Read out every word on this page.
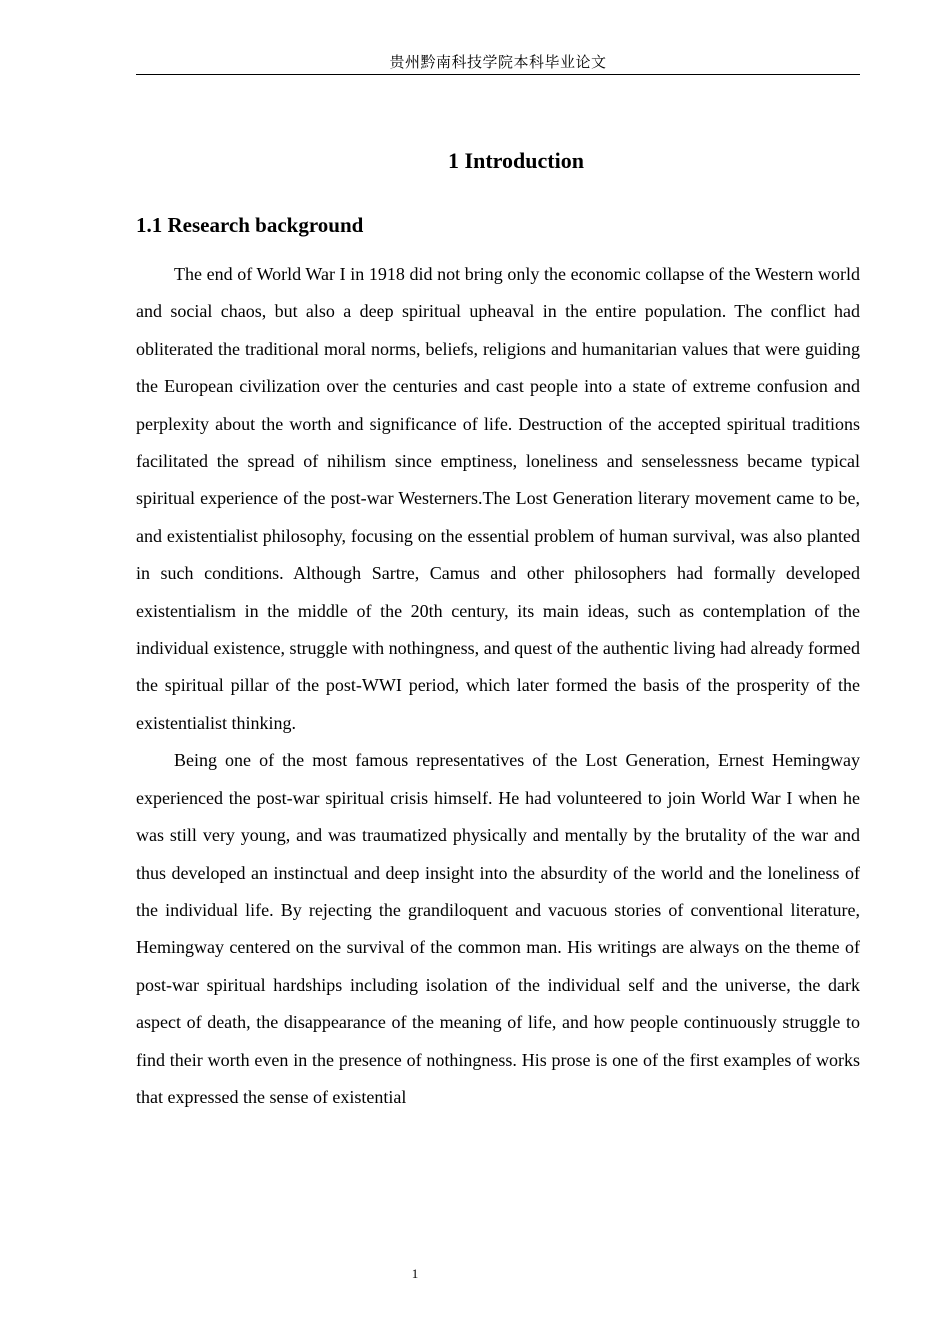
贵州黔南科技学院本科毕业论文
1 Introduction
1.1 Research background

The end of World War I in 1918 did not bring only the economic collapse of the Western world and social chaos, but also a deep spiritual upheaval in the entire population. The conflict had obliterated the traditional moral norms, beliefs, religions and humanitarian values that were guiding the European civilization over the centuries and cast people into a state of extreme confusion and perplexity about the worth and significance of life. Destruction of the accepted spiritual traditions facilitated the spread of nihilism since emptiness, loneliness and senselessness became typical spiritual experience of the post-war Westerners.The Lost Generation literary movement came to be, and existentialist philosophy, focusing on the essential problem of human survival, was also planted in such conditions. Although Sartre, Camus and other philosophers had formally developed existentialism in the middle of the 20th century, its main ideas, such as contemplation of the individual existence, struggle with nothingness, and quest of the authentic living had already formed the spiritual pillar of the post-WWI period, which later formed the basis of the prosperity of the existentialist thinking.

Being one of the most famous representatives of the Lost Generation, Ernest Hemingway experienced the post-war spiritual crisis himself. He had volunteered to join World War I when he was still very young, and was traumatized physically and mentally by the brutality of the war and thus developed an instinctual and deep insight into the absurdity of the world and the loneliness of the individual life. By rejecting the grandiloquent and vacuous stories of conventional literature, Hemingway centered on the survival of the common man. His writings are always on the theme of post-war spiritual hardships including isolation of the individual self and the universe, the dark aspect of death, the disappearance of the meaning of life, and how people continuously struggle to find their worth even in the presence of nothingness. His prose is one of the first examples of works that expressed the sense of existential

1
